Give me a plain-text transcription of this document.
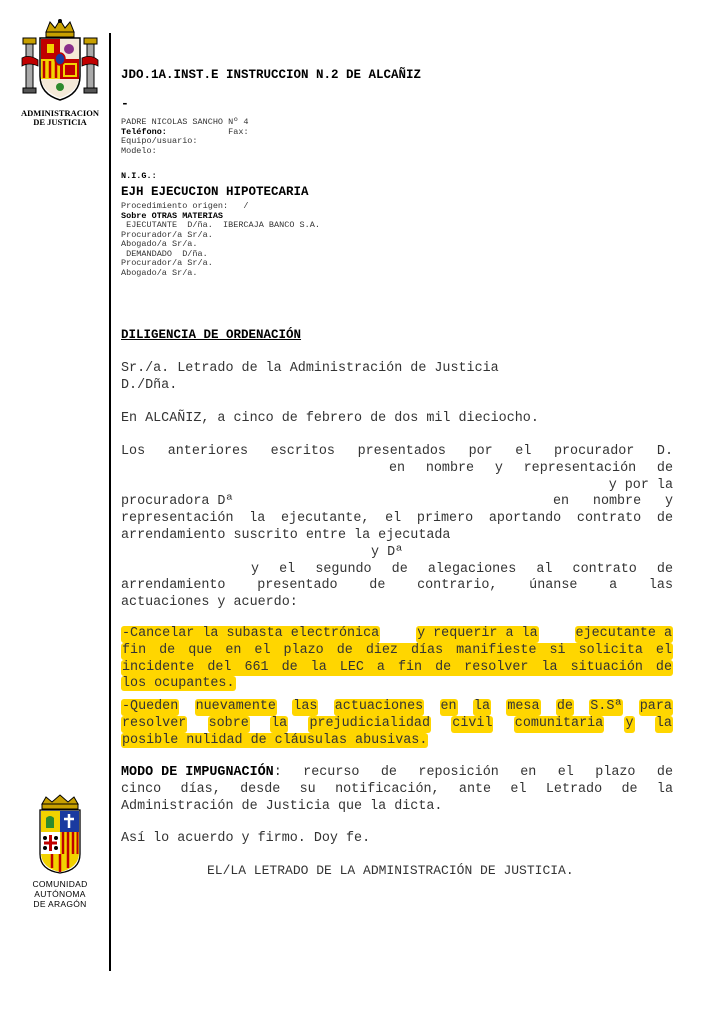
ADMINISTRACION
DE JUSTICIA
COMUNIDAD
AUTÓNOMA
DE ARAGÓN
JDO.1A.INST.E INSTRUCCION N.2 DE ALCAÑIZ
-
PADRE NICOLAS SANCHO Nº 4
Teléfono:	Fax:
Equipo/usuario:
Modelo:
N.I.G.:
EJH EJECUCION HIPOTECARIA
Procedimiento origen:   /
Sobre OTRAS MATERIAS
EJECUTANTE  D/ña.  IBERCAJA BANCO S.A.
Procurador/a Sr/a.
Abogado/a Sr/a.
DEMANDADO  D/ña.
Procurador/a Sr/a.
Abogado/a Sr/a.
DILIGENCIA DE ORDENACIÓN
Sr./a. Letrado de la Administración de Justicia
D./Dña.
En ALCAÑIZ, a cinco de febrero de dos mil dieciocho.
Los anteriores escritos presentados por el procurador D.
en nombre y representación de
y por la
procuradora Dª	en nombre y
representación la ejecutante, el primero aportando contrato de
arrendamiento suscrito entre la ejecutada
y Dª
y el segundo de alegaciones al contrato de
arrendamiento presentado de contrario, únanse a las
actuaciones y acuerdo:
-Cancelar la subasta electrónica	y requerir a la	ejecutante a
fin de que en el plazo de diez días manifieste si solicita el
incidente del 661 de la LEC a fin de resolver la situación de
los ocupantes.
-Queden nuevamente las actuaciones en la mesa de S.Sª para
resolver sobre la prejudicialidad civil comunitaria y la
posible nulidad de cláusulas abusivas.
MODO DE IMPUGNACIÓN : recurso de reposición en el plazo de
cinco días, desde su notificación, ante el Letrado de la
Administración de Justicia que la dicta.
Así lo acuerdo y firmo. Doy fe.
EL/LA LETRADO DE LA ADMINISTRACIÓN DE JUSTICIA.
